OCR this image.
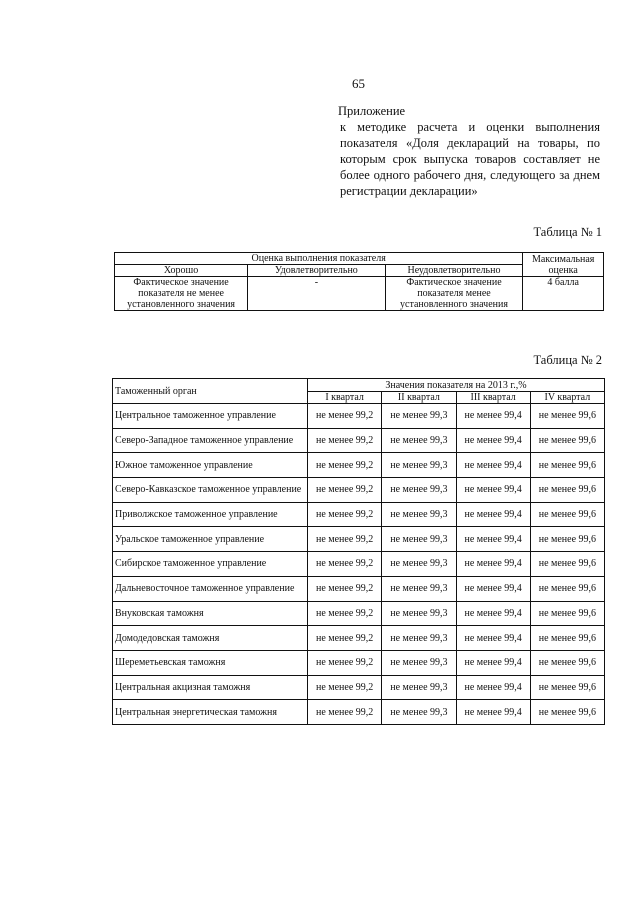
65
Приложение
к методике расчета и оценки выполнения показателя «Доля деклараций на товары, по которым срок выпуска товаров составляет не более одного рабочего дня, следующего за днем регистрации декларации»
Таблица № 1
Оценка выполнения показателя			Максимальная оценка
Хорошо	Удовлетворительно	Неудовлетворительно	
Фактическое значение показателя не менее установленного значения	-	Фактическое значение показателя менее установленного значения	4 балла
Таблица № 2
Таможенный орган	Значения показателя на 2013 г.,%			
	I квартал	II квартал	III квартал	IV квартал
Центральное таможенное управление	не менее 99,2	не менее 99,3	не менее 99,4	не менее 99,6
Северо-Западное таможенное управление	не менее 99,2	не менее 99,3	не менее 99,4	не менее 99,6
Южное таможенное управление	не менее 99,2	не менее 99,3	не менее 99,4	не менее 99,6
Северо-Кавказское таможенное управление	не менее 99,2	не менее 99,3	не менее 99,4	не менее 99,6
Приволжское таможенное управление	не менее 99,2	не менее 99,3	не менее 99,4	не менее 99,6
Уральское таможенное управление	не менее 99,2	не менее 99,3	не менее 99,4	не менее 99,6
Сибирское таможенное управление	не менее 99,2	не менее 99,3	не менее 99,4	не менее 99,6
Дальневосточное таможенное управление	не менее 99,2	не менее 99,3	не менее 99,4	не менее 99,6
Внуковская таможня	не менее 99,2	не менее 99,3	не менее 99,4	не менее 99,6
Домодедовская таможня	не менее 99,2	не менее 99,3	не менее 99,4	не менее 99,6
Шереметьевская таможня	не менее 99,2	не менее 99,3	не менее 99,4	не менее 99,6
Центральная акцизная таможня	не менее 99,2	не менее 99,3	не менее 99,4	не менее 99,6
Центральная энергетическая таможня	не менее 99,2	не менее 99,3	не менее 99,4	не менее 99,6
